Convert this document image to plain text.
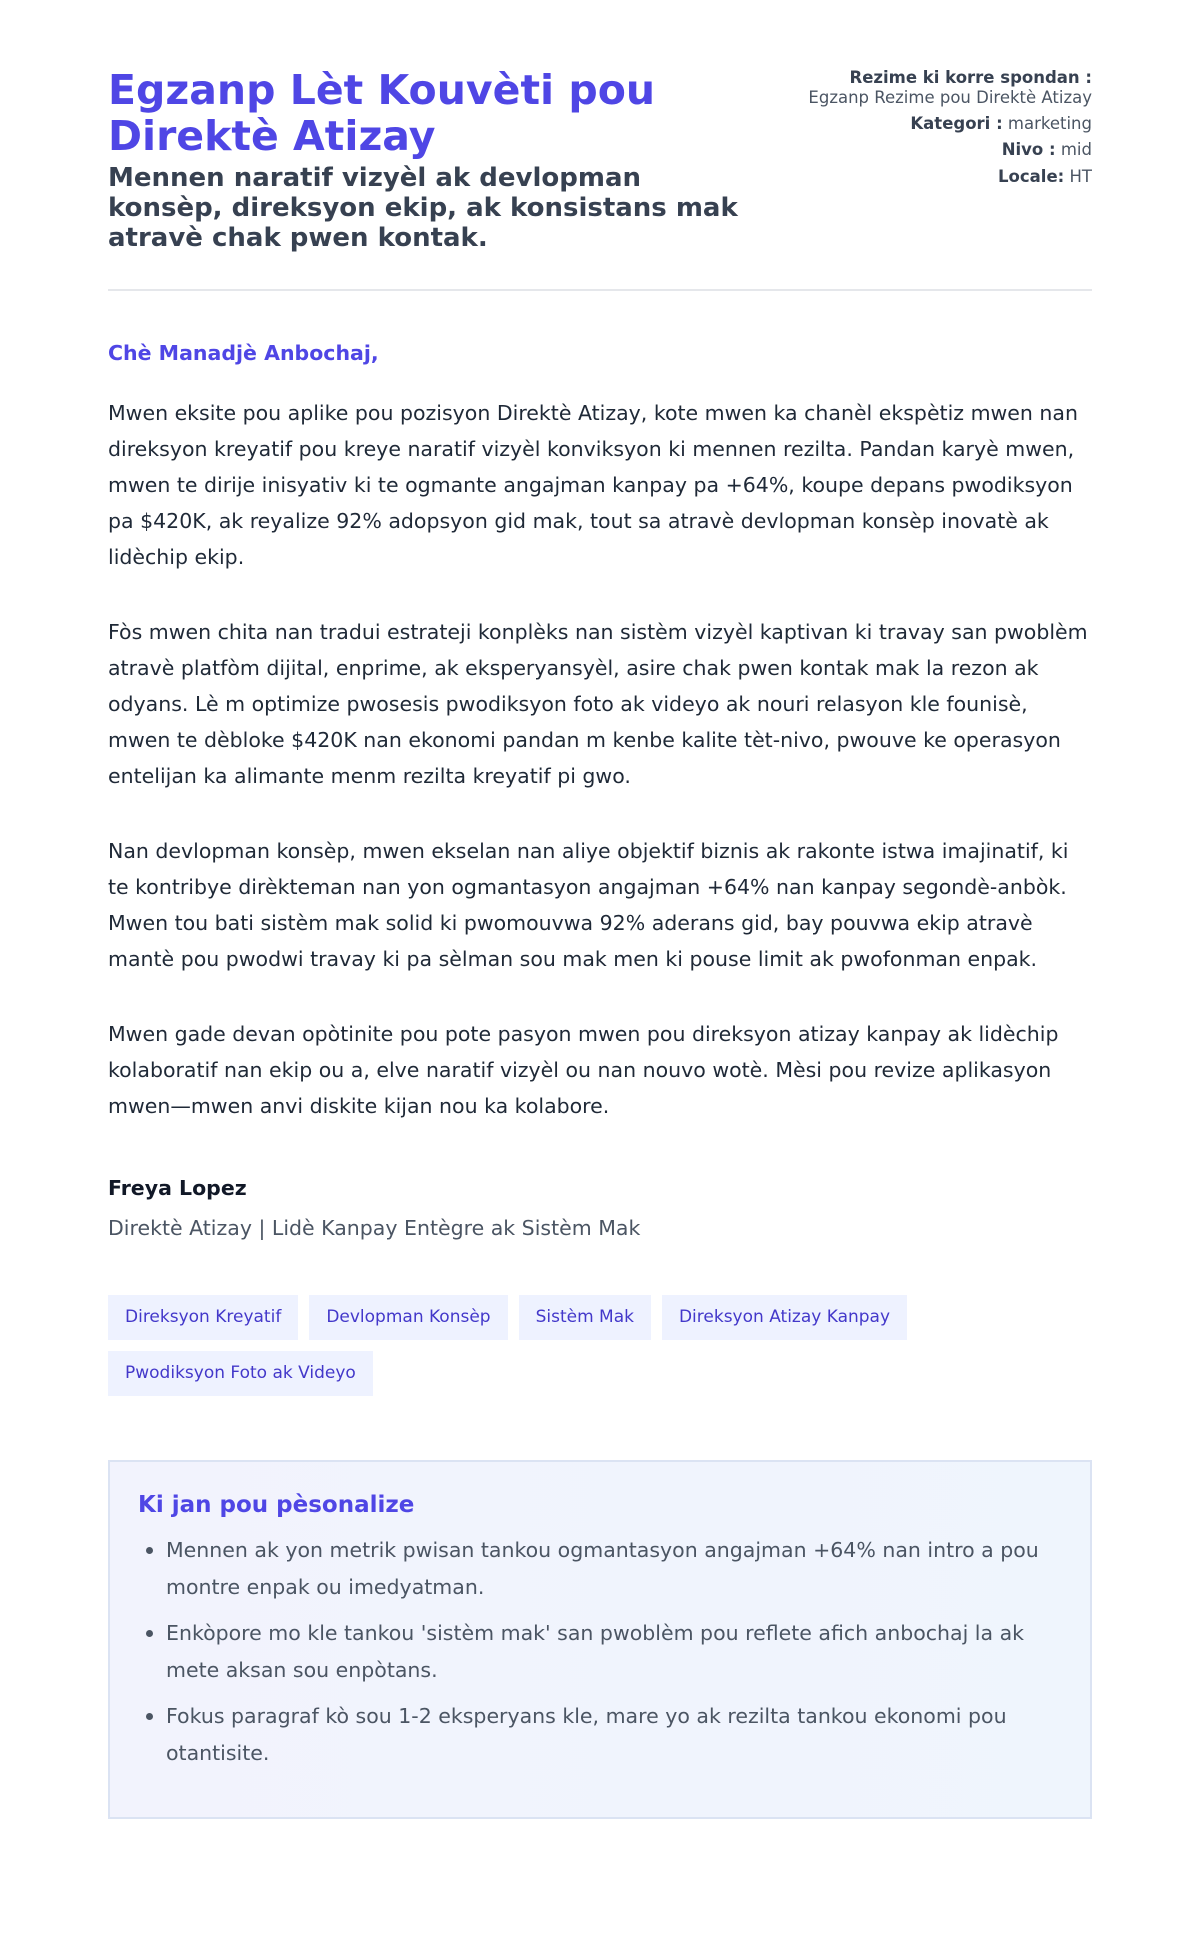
Egzanp Lèt Kouvèti pou Direktè Atizay
Mennen naratif vizyèl ak devlopman konsèp, direksyon ekip, ak konsistans mak atravè chak pwen kontak.
Rezime ki korre spondan :
Egzanp Rezime pou Direktè Atizay
Kategori : marketing
Nivo : mid
Locale: HT

Chè Manadjè Anbochaj,

Mwen eksite pou aplike pou pozisyon Direktè Atizay, kote mwen ka chanèl ekspètiz mwen nan direksyon kreyatif pou kreye naratif vizyèl konviksyon ki mennen rezilta. Pandan karyè mwen, mwen te dirije inisyativ ki te ogmante angajman kanpay pa +64%, koupe depans pwodiksyon pa $420K, ak reyalize 92% adopsyon gid mak, tout sa atravè devlopman konsèp inovatè ak lidèchip ekip.

Fòs mwen chita nan tradui estrateji konplèks nan sistèm vizyèl kaptivan ki travay san pwoblèm atravè platfòm dijital, enprime, ak eksperyansyèl, asire chak pwen kontak mak la rezon ak odyans. Lè m optimize pwosesis pwodiksyon foto ak videyo ak nouri relasyon kle founisè, mwen te dèbloke $420K nan ekonomi pandan m kenbe kalite tèt-nivo, pwouve ke operasyon entelijan ka alimante menm rezilta kreyatif pi gwo.

Nan devlopman konsèp, mwen ekselan nan aliye objektif biznis ak rakonte istwa imajinatif, ki te kontribye dirèkteman nan yon ogmantasyon angajman +64% nan kanpay segondè-anbòk. Mwen tou bati sistèm mak solid ki pwomouvwa 92% aderans gid, bay pouvwa ekip atravè mantè pou pwodwi travay ki pa sèlman sou mak men ki pouse limit ak pwofonman enpak.

Mwen gade devan opòtinite pou pote pasyon mwen pou direksyon atizay kanpay ak lidèchip kolaboratif nan ekip ou a, elve naratif vizyèl ou nan nouvo wotè. Mèsi pou revize aplikasyon mwen—mwen anvi diskite kijan nou ka kolabore.

Freya Lopez
Direktè Atizay | Lidè Kanpay Entègre ak Sistèm Mak
Direksyon Kreyatif	Devlopman Konsèp	Sistèm Mak	Direksyon Atizay Kanpay
Pwodiksyon Foto ak Videyo
Ki jan pou pèsonalize
Mennen ak yon metrik pwisan tankou ogmantasyon angajman +64% nan intro a pou montre enpak ou imedyatman.
Enkòpore mo kle tankou 'sistèm mak' san pwoblèm pou reflete afich anbochaj la ak mete aksan sou enpòtans.
Fokus paragraf kò sou 1-2 eksperyans kle, mare yo ak rezilta tankou ekonomi pou otantisite.
